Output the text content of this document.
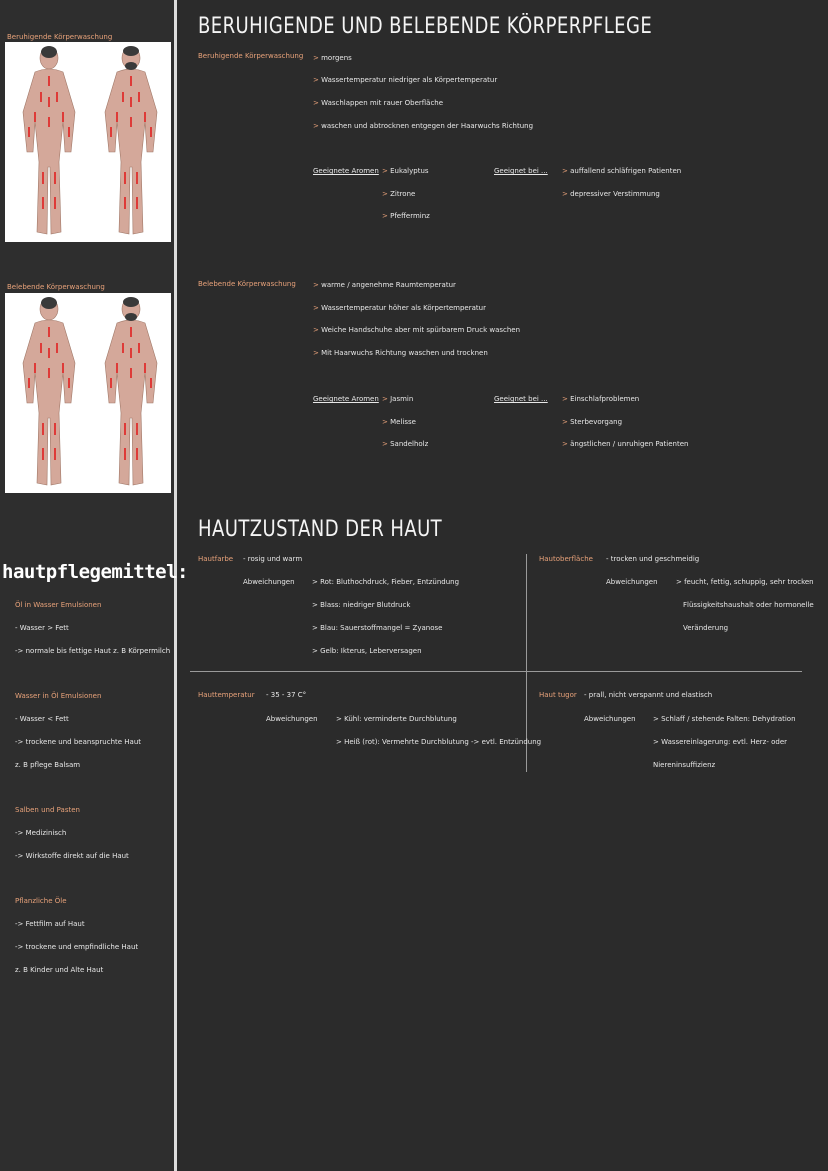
Beruhigende Körperwaschung
Belebende Körperwaschung
hautpflegemittel:
Öl in Wasser Emulsionen
- Wasser > Fett
-> normale bis fettige Haut z. B Körpermilch
Wasser in Öl Emulsionen
- Wasser < Fett
-> trockene und beanspruchte Haut
z. B pflege Balsam
Salben und Pasten
-> Medizinisch
-> Wirkstoffe direkt auf die Haut
Pflanzliche Öle
-> Fettfilm auf Haut
-> trockene und empfindliche Haut
z. B Kinder und Alte Haut
BERUHIGENDE UND BELEBENDE KÖRPERPFLEGE
Beruhigende Körperwaschung > morgens
> Wassertemperatur niedriger als Körpertemperatur
> Waschlappen mit rauer Oberfläche
> waschen und abtrocknen entgegen der Haarwuchs Richtung
Geeignete Aromen > Eukalyptus
> Zitrone
> Pfefferminz
Geeignet bei ... > auffallend schläfrigen Patienten
> depressiver Verstimmung
Belebende Körperwaschung > warme / angenehme Raumtemperatur
> Wassertemperatur höher als Körpertemperatur
> Weiche Handschuhe aber mit spürbarem Druck waschen
> Mit Haarwuchs Richtung waschen und trocknen
Geeignete Aromen > Jasmin
> Melisse
> Sandelholz
Geeignet bei ... > Einschlafproblemen
> Sterbevorgang
> ängstlichen / unruhigen Patienten
HAUTZUSTAND DER HAUT
Hautfarbe - rosig und warm
Abweichungen > Rot: Bluthochdruck, Fieber, Entzündung
> Blass: niedriger Blutdruck
> Blau: Sauerstoffmangel = Zyanose
> Gelb: Ikterus, Leberversagen
Hautoberfläche - trocken und geschmeidig
Abweichungen	> feucht, fettig, schuppig, sehr trocken
Flüssigkeitshaushalt oder hormonelle
Veränderung
Hauttemperatur - 35 - 37 C°
Abweichungen	> Kühl: verminderte Durchblutung
> Heiß (rot): Vermehrte Durchblutung -> evtl. Entzündung
Haut tugor - prall, nicht verspannt und elastisch
Abweichungen > Schlaff / stehende Falten: Dehydration
> Wassereinlagerung: evtl. Herz- oder
Niereninsuffizienz
